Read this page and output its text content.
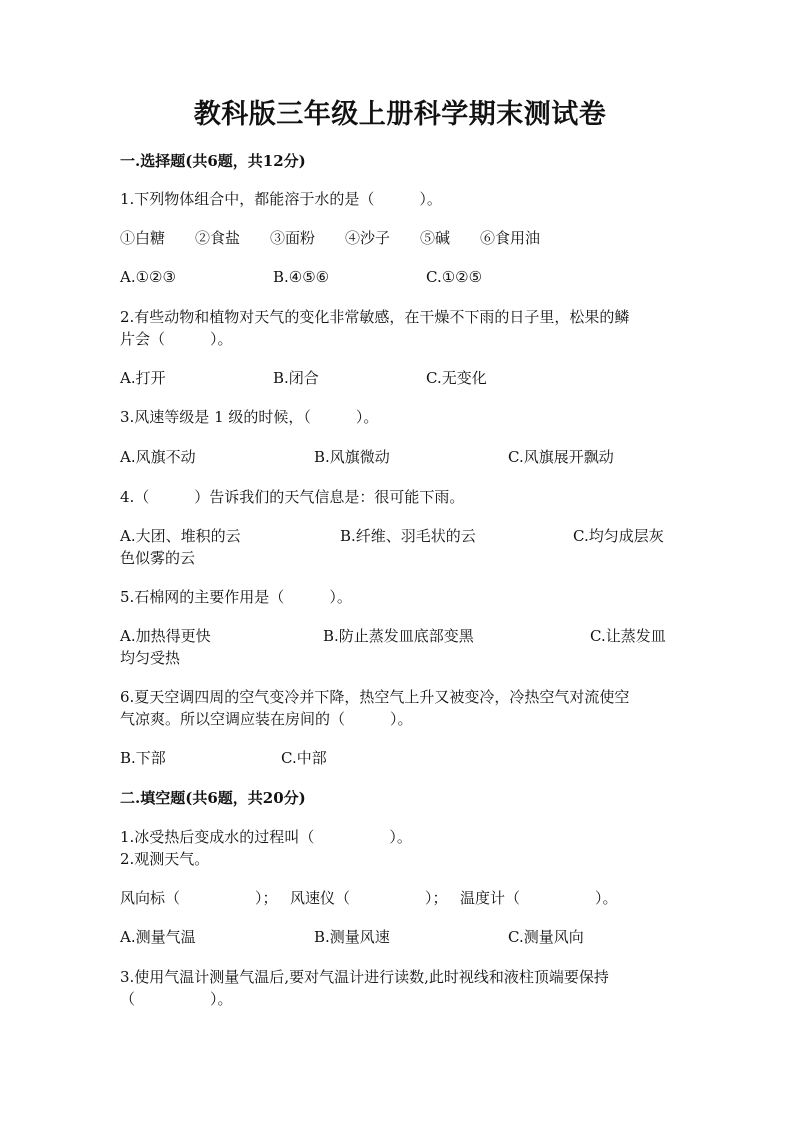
教科版三年级上册科学期末测试卷
一.选择题(共6题，共12分)
1.下列物体组合中，都能溶于水的是（　　　）。
①白糖　　②食盐　　③面粉　　④沙子　　⑤碱　　⑥食用油
A.①②③	B.④⑤⑥	C.①②⑤
2.有些动物和植物对天气的变化非常敏感，在干燥不下雨的日子里，松果的鳞
片会（　　　）。
A.打开	B.闭合	C.无变化
3.风速等级是 1 级的时候，（　　　）。
A.风旗不动	B.风旗微动	C.风旗展开飘动
4.（　　　）告诉我们的天气信息是：很可能下雨。
A.大团、堆积的云	B.纤维、羽毛状的云	C.均匀成层灰
色似雾的云
5.石棉网的主要作用是（　　　）。
A.加热得更快	B.防止蒸发皿底部变黑	C.让蒸发皿
均匀受热
6.夏天空调四周的空气变冷并下降，热空气上升又被变冷，冷热空气对流使空
气凉爽。所以空调应装在房间的（　　　）。
B.下部	C.中部
二.填空题(共6题，共20分)
1.冰受热后变成水的过程叫（　　　　　）。
2.观测天气。
风向标（　　　　　）； 风速仪（　　　　　）； 温度计（　　　　　）。
A.测量气温	B.测量风速	C.测量风向
3.使用气温计测量气温后,要对气温计进行读数,此时视线和液柱顶端要保持
（　　　　　）。
